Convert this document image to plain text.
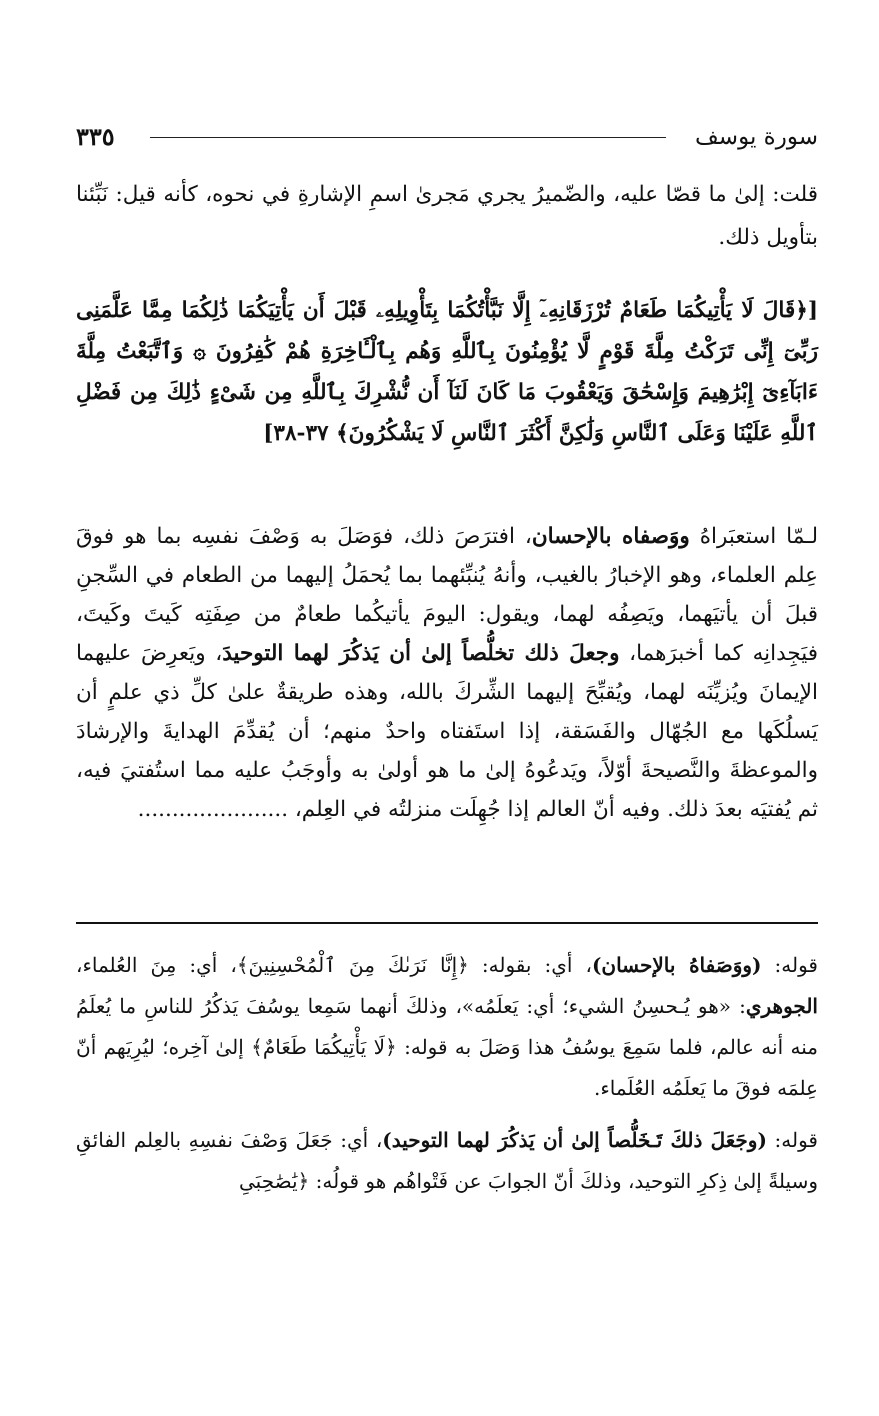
سورة يوسف
٣٣٥
قلت: إلىٰ ما قصّا عليه، والضّميرُ يجري مَجرىٰ اسمِ الإشارةِ في نحوه، كأنه قيل: نَبِّئنا بتأويل ذلك.
[﴿قَالَ لَا يَأْتِيكُمَا طَعَامٌ تُرْزَقَانِهِۦٓ إِلَّا نَبَّأْتُكُمَا بِتَأْوِيلِهِۦ قَبْلَ أَن يَأْتِيَكُمَا ذَٰلِكُمَا مِمَّا عَلَّمَنِى رَبِّىٓ إِنِّى تَرَكْتُ مِلَّةَ قَوْمٍ لَّا يُؤْمِنُونَ بِٱللَّهِ وَهُم بِٱلْـَٔاخِرَةِ هُمْ كَٰفِرُونَ ۞ وَٱتَّبَعْتُ مِلَّةَ ءَابَآءِىٓ إِبْرَٰهِيمَ وَإِسْحَٰقَ وَيَعْقُوبَ مَا كَانَ لَنَآ أَن نُّشْرِكَ بِٱللَّهِ مِن شَىْءٍ ذَٰلِكَ مِن فَضْلِ ٱللَّهِ عَلَيْنَا وَعَلَى ٱلنَّاسِ وَلَٰكِنَّ أَكْثَرَ ٱلنَّاسِ لَا يَشْكُرُونَ﴾ ٣٧-٣٨]
لـمّا استعبَراهُ ووَصفاه بالإحسان، افترَصَ ذلك، فوَصَلَ به وَصْفَ نفسِه بما هو فوقَ عِلم العلماء، وهو الإخبارُ بالغيب، وأنهُ يُنبِّئهما بما يُحمَلُ إليهما من الطعام في السِّجنِ قبلَ أن يأتيَهما، ويَصِفُه لهما، ويقول: اليومَ يأتيكُما طعامٌ من صِفَتِه كَيتَ وكَيتَ، فيَجِدانِه كما أخبرَهما، وجعلَ ذلك تخلُّصاً إلىٰ أن يَذكُرَ لهما التوحيدَ، ويَعرِضَ عليهما الإيمانَ ويُزيِّنَه لهما، ويُقبِّحَ إليهما الشِّركَ بالله، وهذه طريقةٌ علىٰ كلِّ ذي علمٍ أن يَسلُكَها مع الجُهّال والفَسَقة، إذا استَفتاه واحدٌ منهم؛ أن يُقدِّمَ الهدايةَ والإرشادَ والموعظةَ والنَّصيحةَ أوّلاً، ويَدعُوهُ إلىٰ ما هو أولىٰ به وأوجَبُ عليه مما استُفتيَ فيه، ثم يُفتيَه بعدَ ذلك. وفيه أنّ العالم إذا جُهِلَت منزلتُه في العِلم، ......................
قوله: (ووَصَفاهُ بالإحسان)، أي: بقوله: ﴿إِنَّا نَرَىٰكَ مِنَ ٱلْمُحْسِنِينَ﴾، أي: مِنَ العُلماء، الجوهري: «هو يُـحسِنُ الشيء؛ أي: يَعلَمُه»، وذلكَ أنهما سَمِعا يوسُفَ يَذكُرُ للناسِ ما يُعلَمُ منه أنه عالم، فلما سَمِعَ يوسُفُ هذا وَصَلَ به قوله: ﴿لَا يَأْتِيكُمَا طَعَامٌ﴾ إلىٰ آخِره؛ ليُرِيَهم أنّ عِلمَه فوقَ ما يَعلَمُه العُلَماء.
قوله: (وجَعَلَ ذلكَ تَـخَلُّصاً إلىٰ أن يَذكُرَ لهما التوحيد)، أي: جَعَلَ وَصْفَ نفسِهِ بالعِلم الفائقِ وسيلةً إلىٰ ذِكرِ التوحيد، وذلكَ أنّ الجوابَ عن فَتْواهُم هو قولُه: ﴿يَٰصَٰحِبَىِ
